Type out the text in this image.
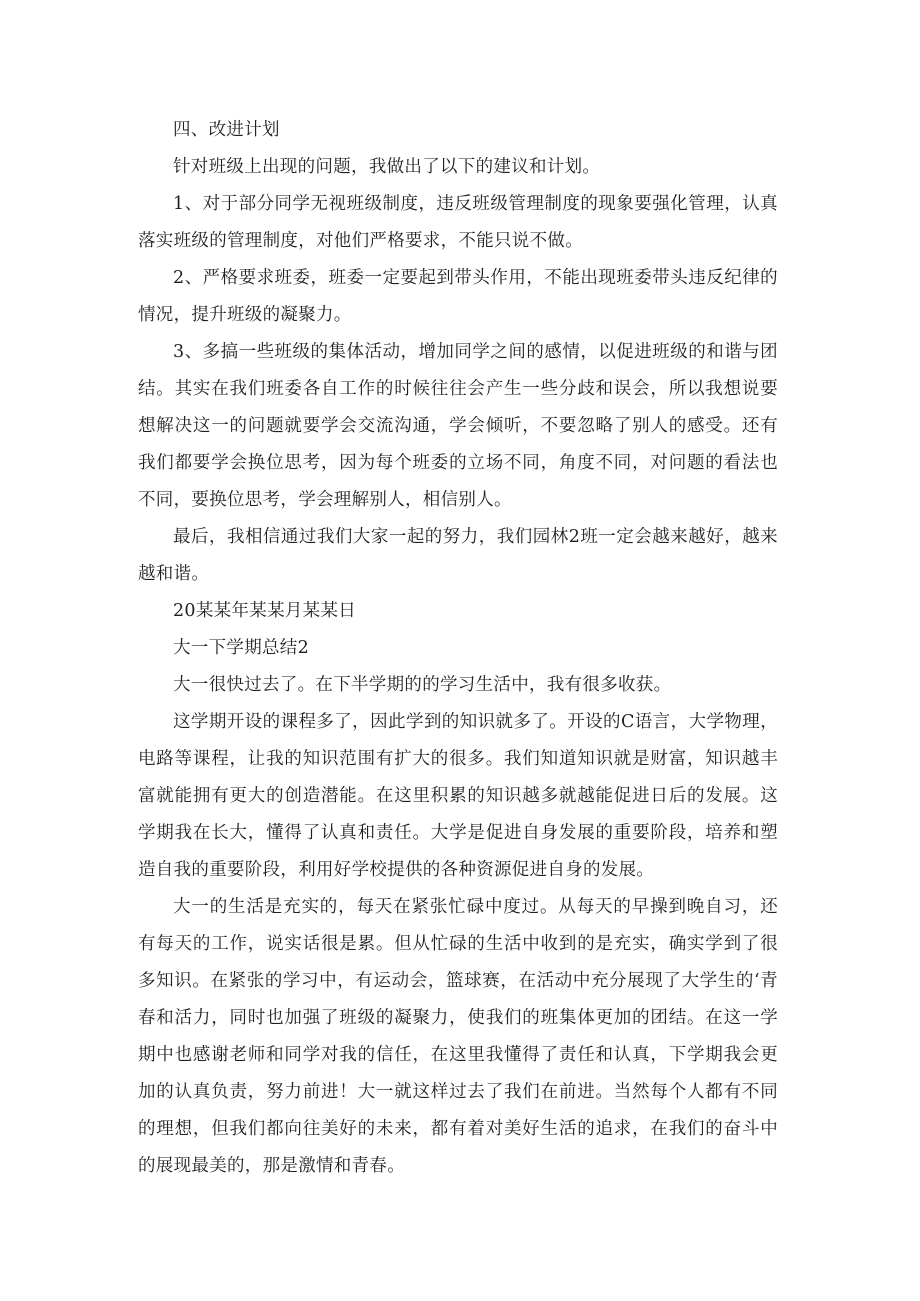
四、改进计划

针对班级上出现的问题，我做出了以下的建议和计划。

1、对于部分同学无视班级制度，违反班级管理制度的现象要强化管理，认真落实班级的管理制度，对他们严格要求，不能只说不做。

2、严格要求班委，班委一定要起到带头作用，不能出现班委带头违反纪律的情况，提升班级的凝聚力。

3、多搞一些班级的集体活动，增加同学之间的感情，以促进班级的和谐与团结。其实在我们班委各自工作的时候往往会产生一些分歧和误会，所以我想说要想解决这一的问题就要学会交流沟通，学会倾听，不要忽略了别人的感受。还有我们都要学会换位思考，因为每个班委的立场不同，角度不同，对问题的看法也不同，要换位思考，学会理解别人，相信别人。

最后，我相信通过我们大家一起的努力，我们园林2班一定会越来越好，越来越和谐。

20某某年某某月某某日

大一下学期总结2

大一很快过去了。在下半学期的的学习生活中，我有很多收获。

这学期开设的课程多了，因此学到的知识就多了。开设的C语言，大学物理，电路等课程，让我的知识范围有扩大的很多。我们知道知识就是财富，知识越丰富就能拥有更大的创造潜能。在这里积累的知识越多就越能促进日后的发展。这学期我在长大，懂得了认真和责任。大学是促进自身发展的重要阶段，培养和塑造自我的重要阶段，利用好学校提供的各种资源促进自身的发展。

大一的生活是充实的，每天在紧张忙碌中度过。从每天的早操到晚自习，还有每天的工作，说实话很是累。但从忙碌的生活中收到的是充实，确实学到了很多知识。在紧张的学习中，有运动会，篮球赛，在活动中充分展现了大学生的‘青春和活力，同时也加强了班级的凝聚力，使我们的班集体更加的团结。在这一学期中也感谢老师和同学对我的信任，在这里我懂得了责任和认真，下学期我会更加的认真负责，努力前进！大一就这样过去了我们在前进。当然每个人都有不同的理想，但我们都向往美好的未来，都有着对美好生活的追求，在我们的奋斗中的展现最美的，那是激情和青春。
